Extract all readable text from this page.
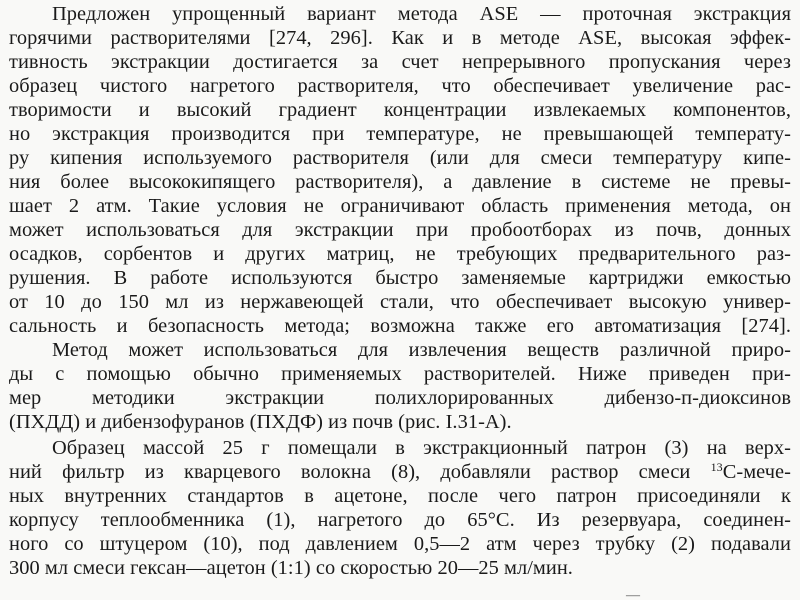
Предложен упрощенный вариант метода ASE — проточная экстракция
горячими растворителями [274, 296]. Как и в методе ASE, высокая эффек-
тивность экстракции достигается за счет непрерывного пропускания через
образец чистого нагретого растворителя, что обеспечивает увеличение рас-
творимости и высокий градиент концентрации извлекаемых компонентов,
но экстракция производится при температуре, не превышающей температу-
ру кипения используемого растворителя (или для смеси температуру кипе-
ния более высококипящего растворителя), а давление в системе не превы-
шает 2 атм. Такие условия не ограничивают область применения метода, он
может использоваться для экстракции при пробоотборах из почв, донных
осадков, сорбентов и других матриц, не требующих предварительного раз-
рушения. В работе используются быстро заменяемые картриджи емкостью
от 10 до 150 мл из нержавеющей стали, что обеспечивает высокую универ-
сальность и безопасность метода; возможна также его автоматизация [274].
Метод может использоваться для извлечения веществ различной приро-
ды с помощью обычно применяемых растворителей. Ниже приведен при-
мер методики экстракции полихлорированных дибензо-п-диоксинов
(ПХДД) и дибензофуранов (ПХДФ) из почв (рис. I.31-А).
Образец массой 25 г помещали в экстракционный патрон (3) на верх-
ний фильтр из кварцевого волокна (8), добавляли раствор смеси $^{13}$С-мече-
ных внутренних стандартов в ацетоне, после чего патрон присоединяли к
корпусу теплообменника (1), нагретого до 65°С. Из резервуара, соединен-
ного со штуцером (10), под давлением 0,5—2 атм через трубку (2) подавали
300 мл смеси гексан—ацетон (1:1) со скоростью 20—25 мл/мин.
—
